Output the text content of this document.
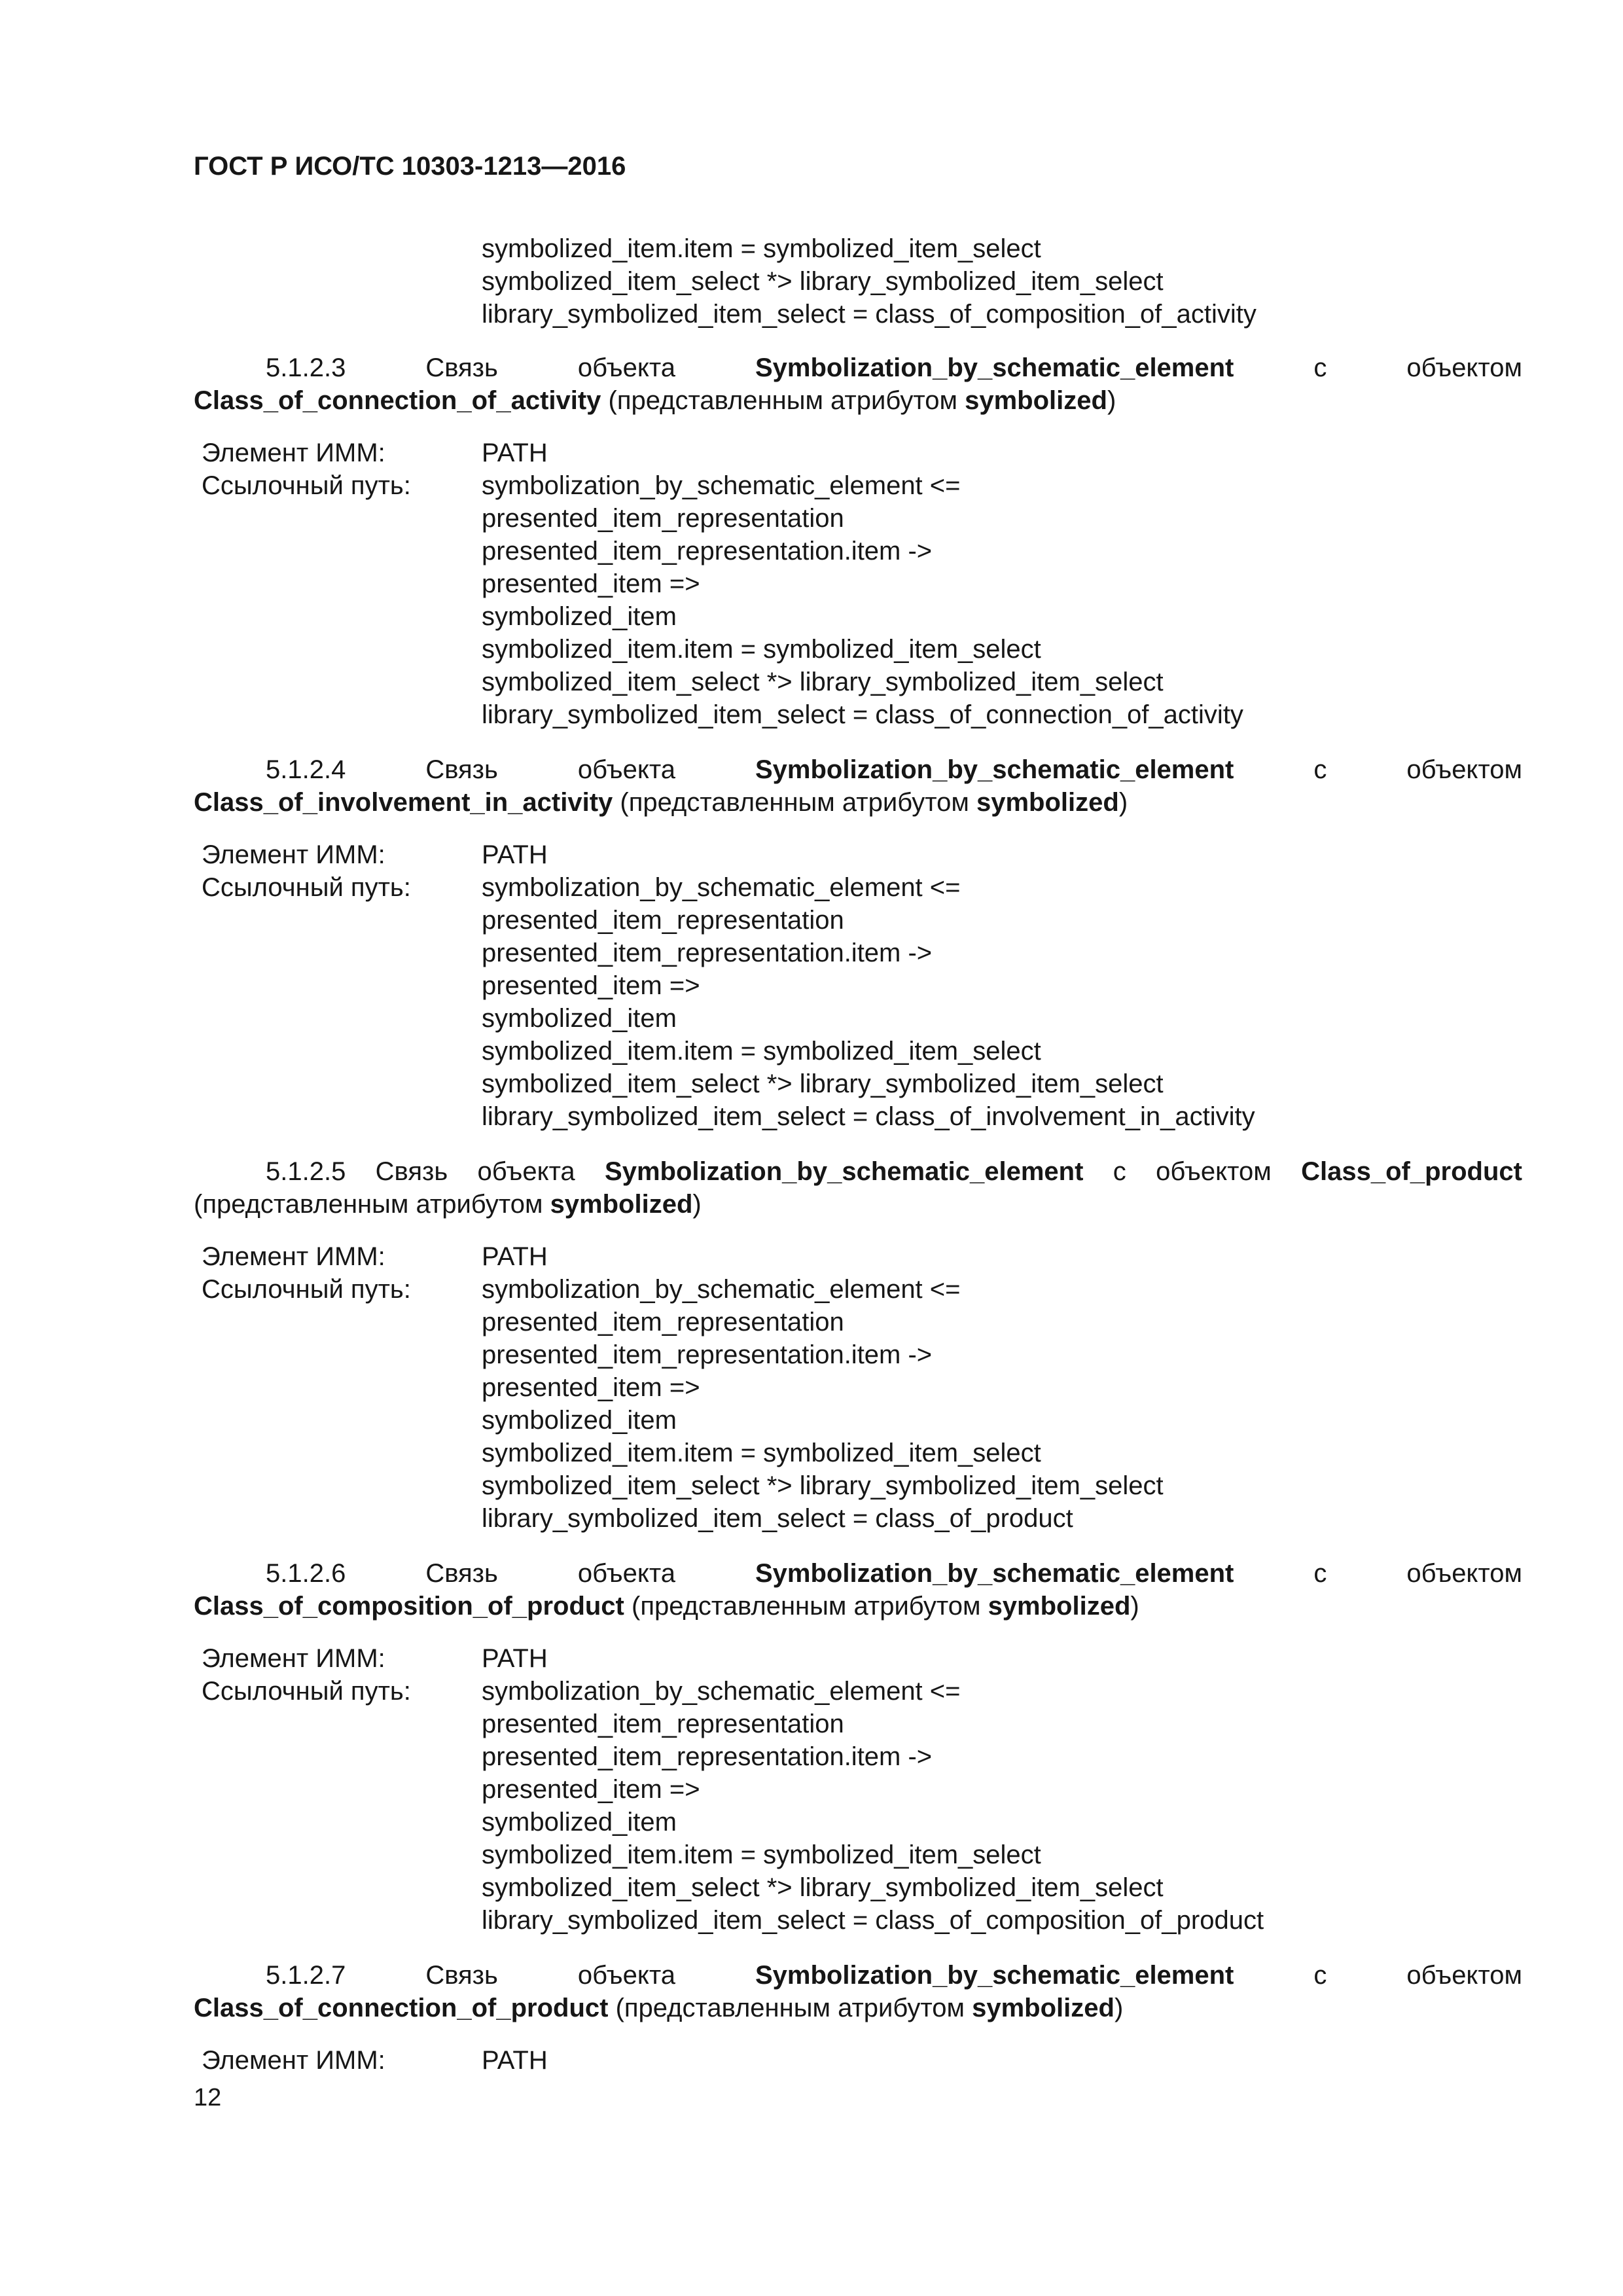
ГОСТ Р ИСО/ТС 10303-1213—2016
symbolized_item.item = symbolized_item_select
symbolized_item_select *> library_symbolized_item_select
library_symbolized_item_select = class_of_composition_of_activity
5.1.2.3	Связь объекта	Symbolization_by_schematic_element	с объектом Class_of_connection_of_activity (представленным атрибутом symbolized)
Элемент ИММ:	PATH
Ссылочный путь:	symbolization_by_schematic_element <=
presented_item_representation
presented_item_representation.item ->
presented_item =>
symbolized_item
symbolized_item.item = symbolized_item_select
symbolized_item_select *> library_symbolized_item_select
library_symbolized_item_select = class_of_connection_of_activity
5.1.2.4	Связь объекта	Symbolization_by_schematic_element	с объектом Class_of_involvement_in_activity (представленным атрибутом symbolized)
Элемент ИММ:	PATH
Ссылочный путь:	symbolization_by_schematic_element <=
presented_item_representation
presented_item_representation.item ->
presented_item =>
symbolized_item
symbolized_item.item = symbolized_item_select
symbolized_item_select *> library_symbolized_item_select
library_symbolized_item_select = class_of_involvement_in_activity
5.1.2.5 Связь объекта Symbolization_by_schematic_element с объектом Class_of_product (представленным атрибутом symbolized)
Элемент ИММ:	PATH
Ссылочный путь:	symbolization_by_schematic_element <=
presented_item_representation
presented_item_representation.item ->
presented_item =>
symbolized_item
symbolized_item.item = symbolized_item_select
symbolized_item_select *> library_symbolized_item_select
library_symbolized_item_select = class_of_product
5.1.2.6	Связь объекта	Symbolization_by_schematic_element	с объектом Class_of_composition_of_product (представленным атрибутом symbolized)
Элемент ИММ:	PATH
Ссылочный путь:	symbolization_by_schematic_element <=
presented_item_representation
presented_item_representation.item ->
presented_item =>
symbolized_item
symbolized_item.item = symbolized_item_select
symbolized_item_select *> library_symbolized_item_select
library_symbolized_item_select = class_of_composition_of_product
5.1.2.7	Связь объекта	Symbolization_by_schematic_element	с объектом Class_of_connection_of_product (представленным атрибутом symbolized)
Элемент ИММ:	PATH
12
